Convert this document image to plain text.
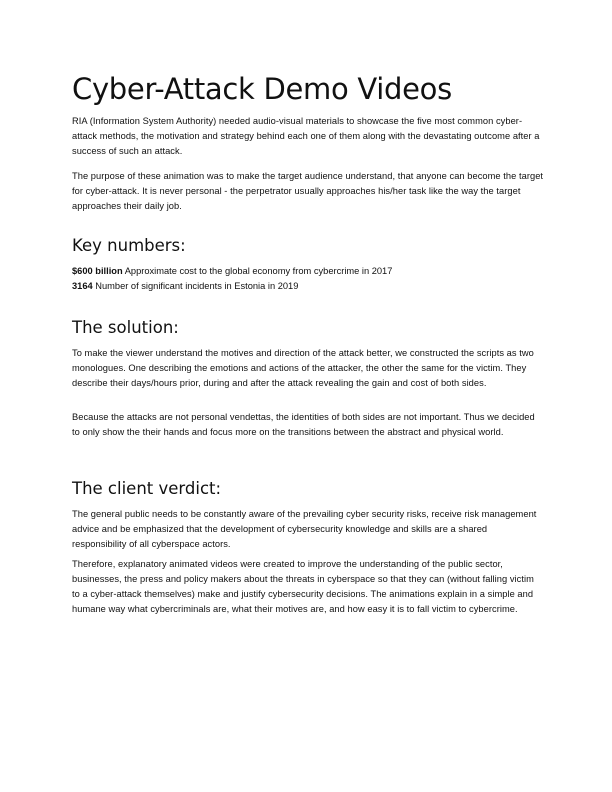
Cyber-Attack Demo Videos

RIA (Information System Authority) needed audio-visual materials to showcase the five most common cyber-attack methods, the motivation and strategy behind each one of them along with the devastating outcome after a success of such an attack.

The purpose of these animation was to make the target audience understand, that anyone can become the target for cyber-attack. It is never personal - the perpetrator usually approaches his/her task like the way the target approaches their daily job.

Key numbers:

$600 billion Approximate cost to the global economy from cybercrime in 2017

3164 Number of significant incidents in Estonia in 2019

The solution:

To make the viewer understand the motives and direction of the attack better, we constructed the scripts as two monologues. One describing the emotions and actions of the attacker, the other the same for the victim. They describe their days/hours prior, during and after the attack revealing the gain and cost of both sides.

Because the attacks are not personal vendettas, the identities of both sides are not important. Thus we decided to only show the their hands and focus more on the transitions between the abstract and physical world.

The client verdict:

The general public needs to be constantly aware of the prevailing cyber security risks, receive risk management advice and be emphasized that the development of cybersecurity knowledge and skills are a shared responsibility of all cyberspace actors.

Therefore, explanatory animated videos were created to improve the understanding of the public sector, businesses, the press and policy makers about the threats in cyberspace so that they can (without falling victim to a cyber-attack themselves) make and justify cybersecurity decisions. The animations explain in a simple and humane way what cybercriminals are, what their motives are, and how easy it is to fall victim to cybercrime.
